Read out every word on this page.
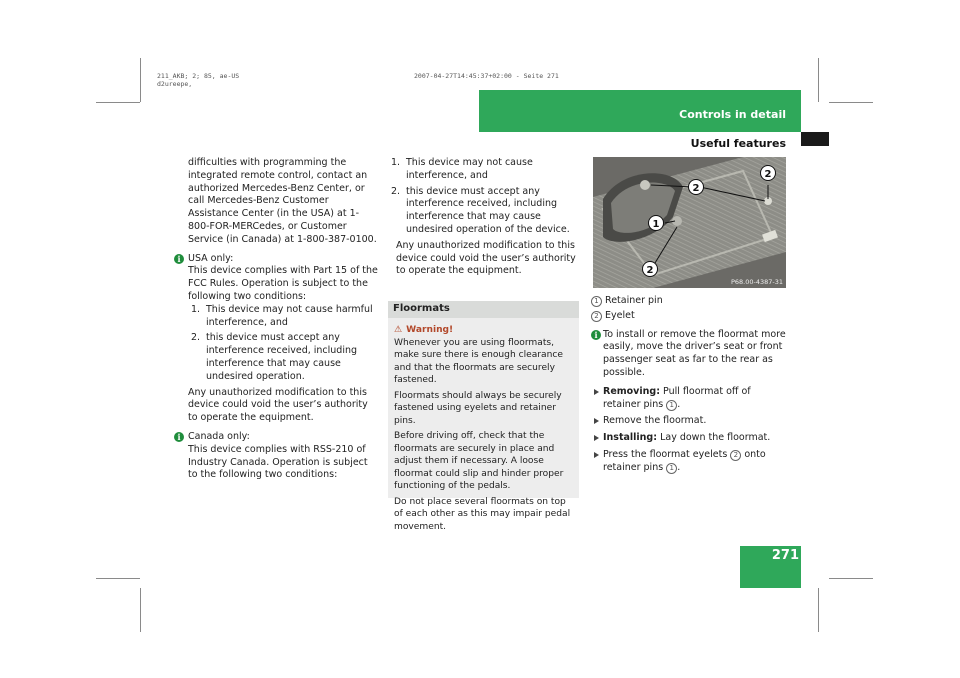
211_AKB; 2; 85, ae-US
d2ureepe,
2007-04-27T14:45:37+02:00 - Seite 271
Controls in detail
Useful features

difficulties with programming the integrated remote control, contact an authorized Mercedes-Benz Center, or call Mercedes-Benz Customer Assistance Center (in the USA) at 1-800-FOR-MERCedes, or Customer Service (in Canada) at 1-800-387-0100.

i USA only:

This device complies with Part 15 of the FCC Rules. Operation is subject to the following two conditions:

1. This device may not cause harmful interference, and
2. this device must accept any interference received, including interference that may cause undesired operation.

Any unauthorized modification to this device could void the user’s authority to operate the equipment.

i Canada only:

This device complies with RSS-210 of Industry Canada. Operation is subject to the following two conditions:

1. This device may not cause interference, and
2. this device must accept any interference received, including interference that may cause undesired operation of the device.

Any unauthorized modification to this device could void the user’s authority to operate the equipment.

Floormats
⚠ Warning!

Whenever you are using floormats, make sure there is enough clearance and that the floormats are securely fastened.

Floormats should always be securely fastened using eyelets and retainer pins.

Before driving off, check that the floormats are securely in place and adjust them if necessary. A loose floormat could slip and hinder proper functioning of the pedals.

Do not place several floormats on top of each other as this may impair pedal movement.

2
2
1
2
P68.00-4387-31
1 Retainer pin
2 Eyelet
i To install or remove the floormat more easily, move the driver’s seat or front passenger seat as far to the rear as possible.

Removing: Pull floormat off of retainer pins 1 .
Remove the floormat.
Installing: Lay down the floormat.
Press the floormat eyelets 2 onto retainer pins 1 .
271
